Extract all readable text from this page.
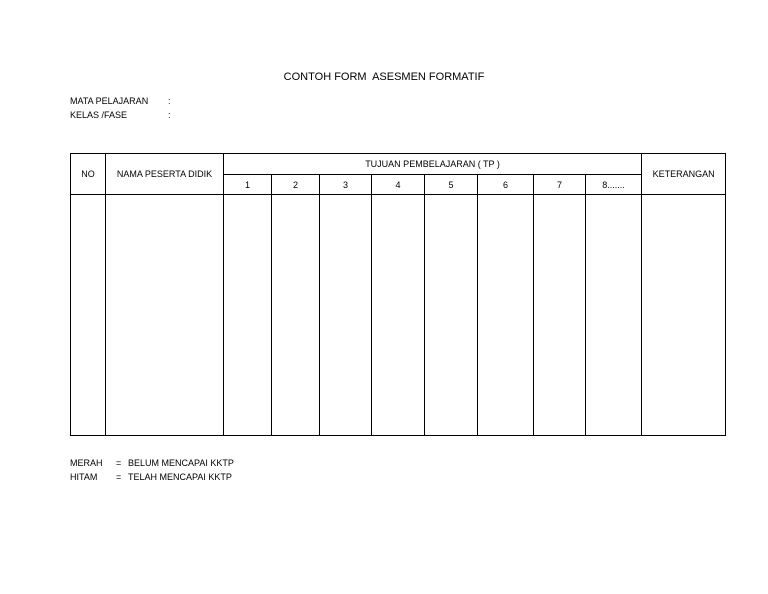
CONTOH FORM  ASESMEN FORMATIF
MATA PELAJARAN :
KELAS /FASE	:
NO	NAMA PESERTA DIDIK	TUJUAN PEMBELAJARAN ( TP )								KETERANGAN
		1	2	3	4	5	6	7	8.......	

MERAH = BELUM MENCAPAI KKTP
HITAM = TELAH MENCAPAI KKTP
